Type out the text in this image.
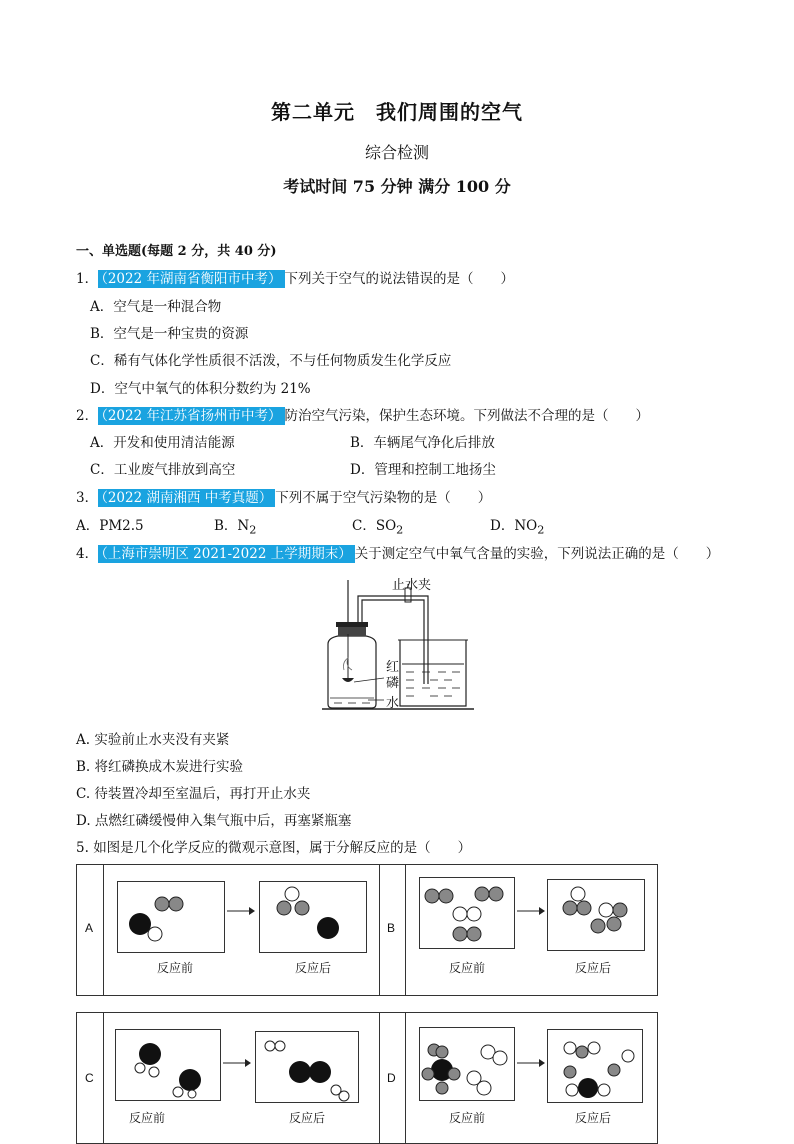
第二单元　我们周围的空气
综合检测
考试时间 75 分钟 满分 100 分
一、单选题(每题 2 分，共 40 分)
1． （2022 年湖南省衡阳市中考） 下列关于空气的说法错误的是（　　）
A．空气是一种混合物
B．空气是一种宝贵的资源
C．稀有气体化学性质很不活泼，不与任何物质发生化学反应
D．空气中氧气的体积分数约为 21%
2． （2022 年江苏省扬州市中考） 防治空气污染，保护生态环境。下列做法不合理的是（　　）
A．开发和使用清洁能源	B．车辆尾气净化后排放
C．工业废气排放到高空	D．管理和控制工地扬尘
3． （2022 湖南湘西 中考真题） 下列不属于空气污染物的是（　　）
A．PM2.5	B．$N_2$	C．$SO_2$	D．$NO_2$
4． （上海市崇明区 2021-2022 上学期期末） 关于测定空气中氧气含量的实验，下列说法正确的是（　　）
止水夹
红
磷
水
A. 实验前止水夹没有夹紧
B. 将红磷换成木炭进行实验
C. 待装置冷却至室温后，再打开止水夹
D. 点燃红磷缓慢伸入集气瓶中后，再塞紧瓶塞
5. 如图是几个化学反应的微观示意图，属于分解反应的是（　　）
A	B
反应前	反应后	反应前	反应后
C	D
反应前	反应后	反应前	反应后
